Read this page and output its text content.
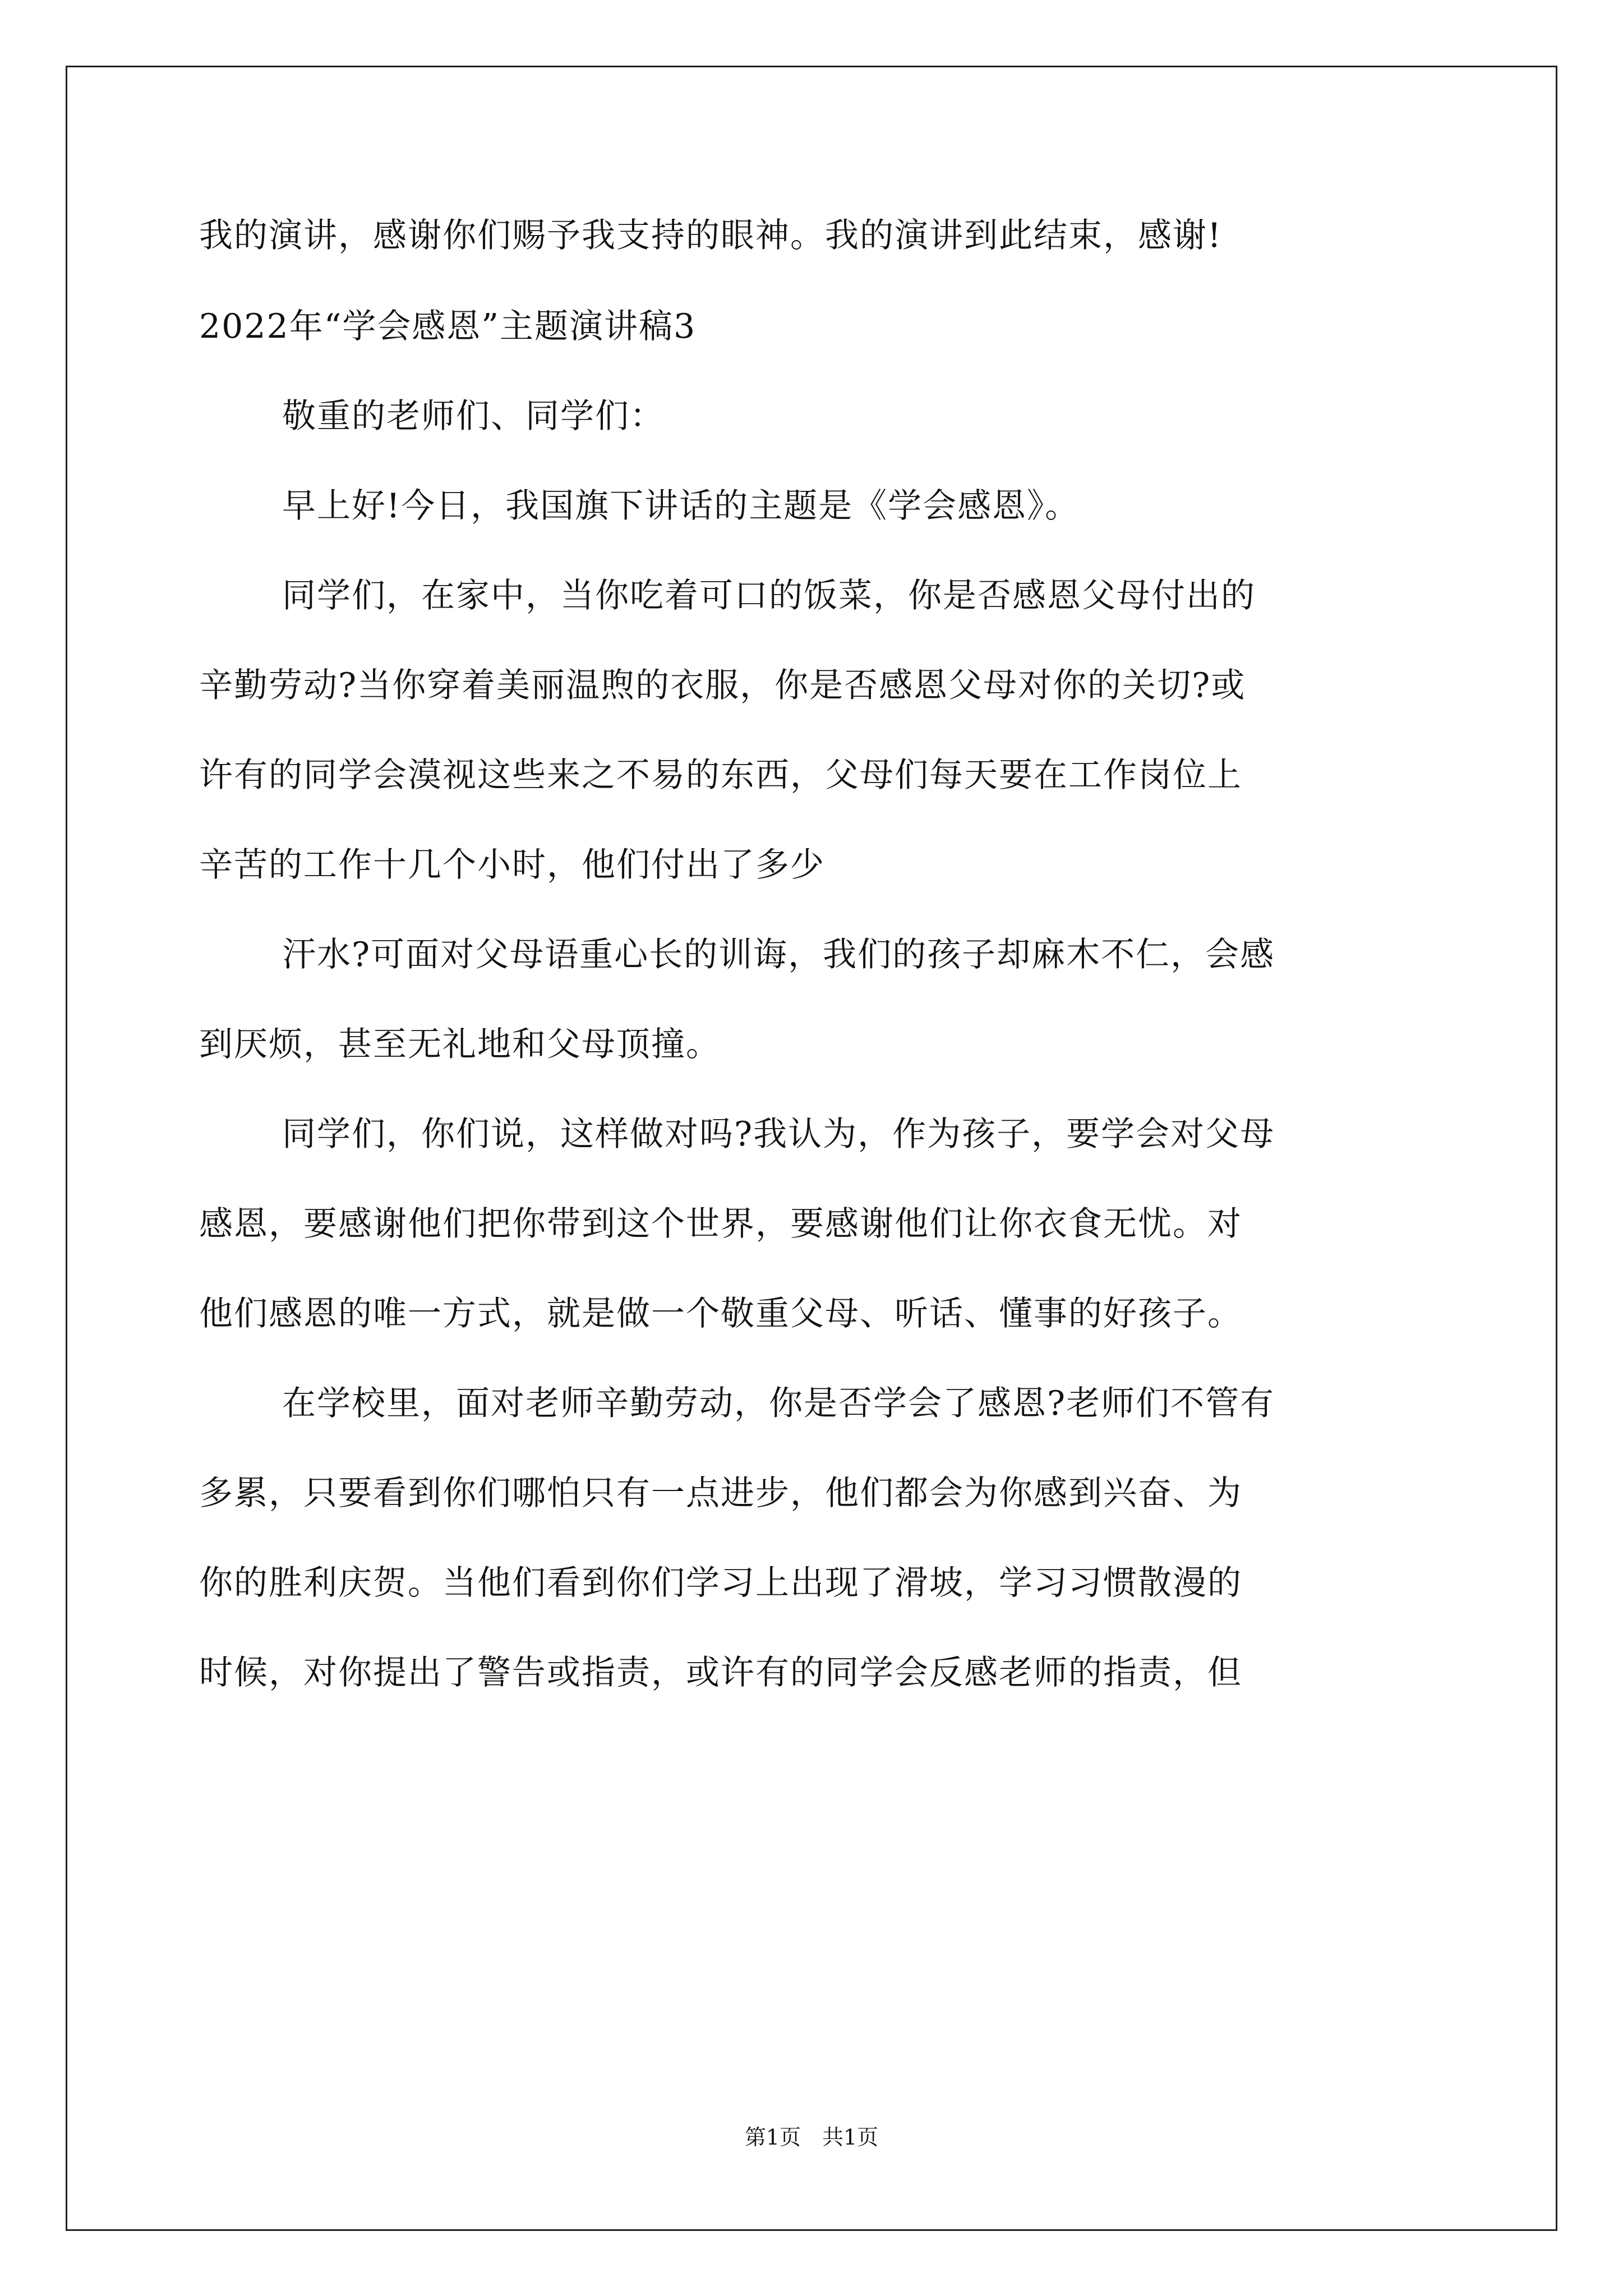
我的演讲，感谢你们赐予我支持的眼神。我的演讲到此结束，感谢!
2022年“学会感恩”主题演讲稿3
敬重的老师们、同学们：
早上好!今日，我国旗下讲话的主题是《学会感恩》。
同学们，在家中，当你吃着可口的饭菜，你是否感恩父母付出的
辛勤劳动?当你穿着美丽温煦的衣服，你是否感恩父母对你的关切?或
许有的同学会漠视这些来之不易的东西，父母们每天要在工作岗位上
辛苦的工作十几个小时，他们付出了多少
汗水?可面对父母语重心长的训诲，我们的孩子却麻木不仁，会感
到厌烦，甚至无礼地和父母顶撞。
同学们，你们说，这样做对吗?我认为，作为孩子，要学会对父母
感恩，要感谢他们把你带到这个世界，要感谢他们让你衣食无忧。对
他们感恩的唯一方式，就是做一个敬重父母、听话、懂事的好孩子。
在学校里，面对老师辛勤劳动，你是否学会了感恩?老师们不管有
多累，只要看到你们哪怕只有一点进步，他们都会为你感到兴奋、为
你的胜利庆贺。当他们看到你们学习上出现了滑坡，学习习惯散漫的
时候，对你提出了警告或指责，或许有的同学会反感老师的指责，但
第1页　共1页
